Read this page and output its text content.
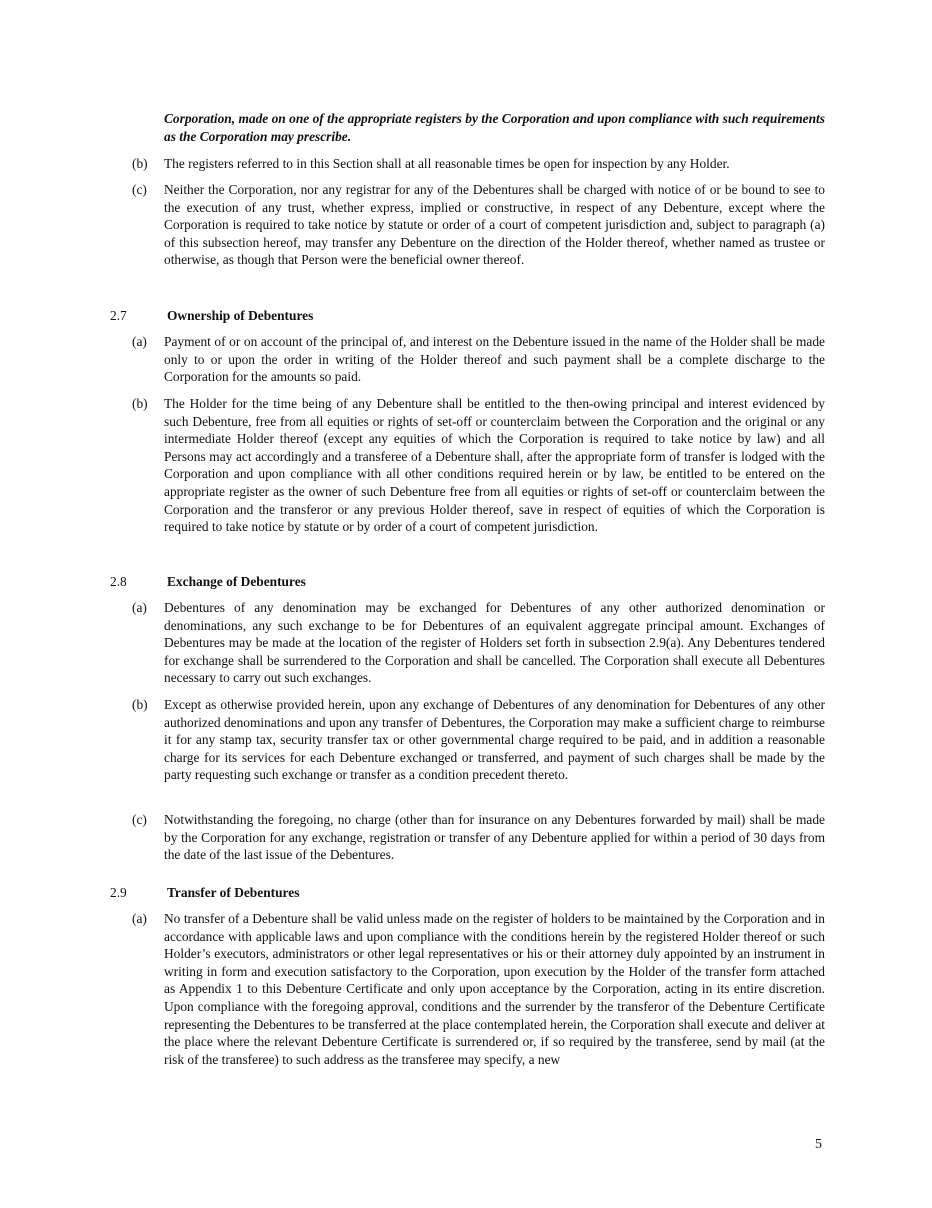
Corporation, made on one of the appropriate registers by the Corporation and upon compliance with such requirements as the Corporation may prescribe.
(b) The registers referred to in this Section shall at all reasonable times be open for inspection by any Holder.
(c) Neither the Corporation, nor any registrar for any of the Debentures shall be charged with notice of or be bound to see to the execution of any trust, whether express, implied or constructive, in respect of any Debenture, except where the Corporation is required to take notice by statute or order of a court of competent jurisdiction and, subject to paragraph (a) of this subsection hereof, may transfer any Debenture on the direction of the Holder thereof, whether named as trustee or otherwise, as though that Person were the beneficial owner thereof.
2.7	Ownership of Debentures
(a) Payment of or on account of the principal of, and interest on the Debenture issued in the name of the Holder shall be made only to or upon the order in writing of the Holder thereof and such payment shall be a complete discharge to the Corporation for the amounts so paid.
(b) The Holder for the time being of any Debenture shall be entitled to the then-owing principal and interest evidenced by such Debenture, free from all equities or rights of set-off or counterclaim between the Corporation and the original or any intermediate Holder thereof (except any equities of which the Corporation is required to take notice by law) and all Persons may act accordingly and a transferee of a Debenture shall, after the appropriate form of transfer is lodged with the Corporation and upon compliance with all other conditions required herein or by law, be entitled to be entered on the appropriate register as the owner of such Debenture free from all equities or rights of set-off or counterclaim between the Corporation and the transferor or any previous Holder thereof, save in respect of equities of which the Corporation is required to take notice by statute or by order of a court of competent jurisdiction.
2.8	Exchange of Debentures
(a) Debentures of any denomination may be exchanged for Debentures of any other authorized denomination or denominations, any such exchange to be for Debentures of an equivalent aggregate principal amount. Exchanges of Debentures may be made at the location of the register of Holders set forth in subsection 2.9(a). Any Debentures tendered for exchange shall be surrendered to the Corporation and shall be cancelled. The Corporation shall execute all Debentures necessary to carry out such exchanges.
(b) Except as otherwise provided herein, upon any exchange of Debentures of any denomination for Debentures of any other authorized denominations and upon any transfer of Debentures, the Corporation may make a sufficient charge to reimburse it for any stamp tax, security transfer tax or other governmental charge required to be paid, and in addition a reasonable charge for its services for each Debenture exchanged or transferred, and payment of such charges shall be made by the party requesting such exchange or transfer as a condition precedent thereto.
(c) Notwithstanding the foregoing, no charge (other than for insurance on any Debentures forwarded by mail) shall be made by the Corporation for any exchange, registration or transfer of any Debenture applied for within a period of 30 days from the date of the last issue of the Debentures.
2.9	Transfer of Debentures
(a) No transfer of a Debenture shall be valid unless made on the register of holders to be maintained by the Corporation and in accordance with applicable laws and upon compliance with the conditions herein by the registered Holder thereof or such Holder’s executors, administrators or other legal representatives or his or their attorney duly appointed by an instrument in writing in form and execution satisfactory to the Corporation, upon execution by the Holder of the transfer form attached as Appendix 1 to this Debenture Certificate and only upon acceptance by the Corporation, acting in its entire discretion. Upon compliance with the foregoing approval, conditions and the surrender by the transferor of the Debenture Certificate representing the Debentures to be transferred at the place contemplated herein, the Corporation shall execute and deliver at the place where the relevant Debenture Certificate is surrendered or, if so required by the transferee, send by mail (at the risk of the transferee) to such address as the transferee may specify, a new
5
